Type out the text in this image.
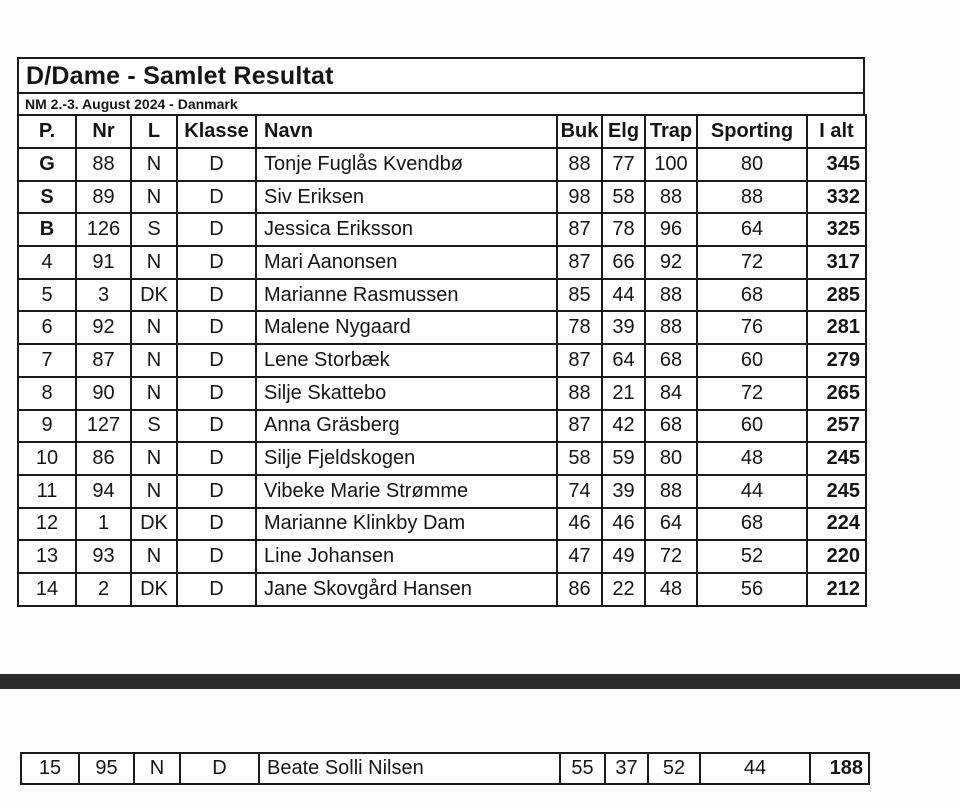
D/Dame - Samlet Resultat
NM 2.-3. August 2024 - Danmark
P.	Nr	L	Klasse	Navn	Buk	Elg	Trap	Sporting	I alt
G	88	N	D	Tonje Fuglås Kvendbø	88	77	100	80	345
S	89	N	D	Siv Eriksen	98	58	88	88	332
B	126	S	D	Jessica Eriksson	87	78	96	64	325
4	91	N	D	Mari Aanonsen	87	66	92	72	317
5	3	DK	D	Marianne Rasmussen	85	44	88	68	285
6	92	N	D	Malene Nygaard	78	39	88	76	281
7	87	N	D	Lene Storbæk	87	64	68	60	279
8	90	N	D	Silje Skattebo	88	21	84	72	265
9	127	S	D	Anna Gräsberg	87	42	68	60	257
10	86	N	D	Silje Fjeldskogen	58	59	80	48	245
11	94	N	D	Vibeke Marie Strømme	74	39	88	44	245
12	1	DK	D	Marianne Klinkby Dam	46	46	64	68	224
13	93	N	D	Line Johansen	47	49	72	52	220
14	2	DK	D	Jane Skovgård Hansen	86	22	48	56	212
15	95	N	D	Beate Solli Nilsen	55	37	52	44	188
